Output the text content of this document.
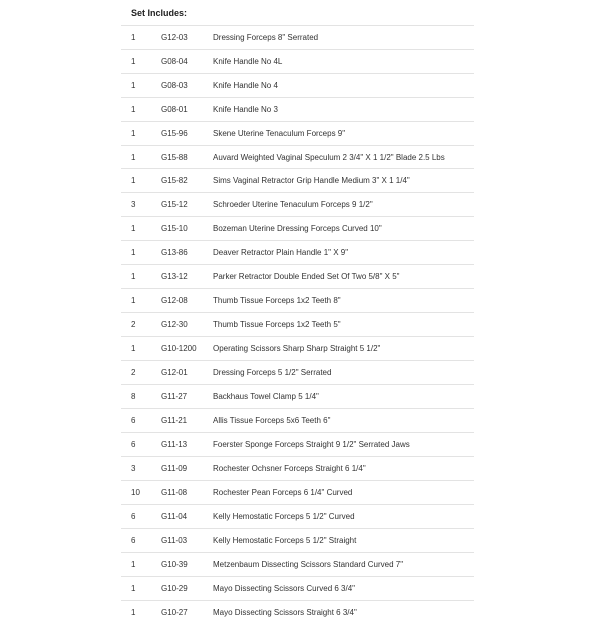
Set Includes:
1	G12-03	Dressing Forceps 8" Serrated
1	G08-04	Knife Handle No 4L
1	G08-03	Knife Handle No 4
1	G08-01	Knife Handle No 3
1	G15-96	Skene Uterine Tenaculum Forceps 9"
1	G15-88	Auvard Weighted Vaginal Speculum 2 3/4" X 1 1/2" Blade 2.5 Lbs
1	G15-82	Sims Vaginal Retractor Grip Handle Medium 3" X 1 1/4"
3	G15-12	Schroeder Uterine Tenaculum Forceps 9 1/2"
1	G15-10	Bozeman Uterine Dressing Forceps Curved 10"
1	G13-86	Deaver Retractor Plain Handle 1" X 9"
1	G13-12	Parker Retractor Double Ended Set Of Two 5/8" X 5"
1	G12-08	Thumb Tissue Forceps 1x2 Teeth 8"
2	G12-30	Thumb Tissue Forceps 1x2 Teeth 5"
1	G10-1200	Operating Scissors Sharp Sharp Straight 5 1/2"
2	G12-01	Dressing Forceps 5 1/2" Serrated
8	G11-27	Backhaus Towel Clamp 5 1/4"
6	G11-21	Allis Tissue Forceps 5x6 Teeth 6"
6	G11-13	Foerster Sponge Forceps Straight 9 1/2" Serrated Jaws
3	G11-09	Rochester Ochsner Forceps Straight 6 1/4"
10	G11-08	Rochester Pean Forceps 6 1/4" Curved
6	G11-04	Kelly Hemostatic Forceps 5 1/2" Curved
6	G11-03	Kelly Hemostatic Forceps 5 1/2" Straight
1	G10-39	Metzenbaum Dissecting Scissors Standard Curved 7"
1	G10-29	Mayo Dissecting Scissors Curved 6 3/4"
1	G10-27	Mayo Dissecting Scissors Straight 6 3/4"
